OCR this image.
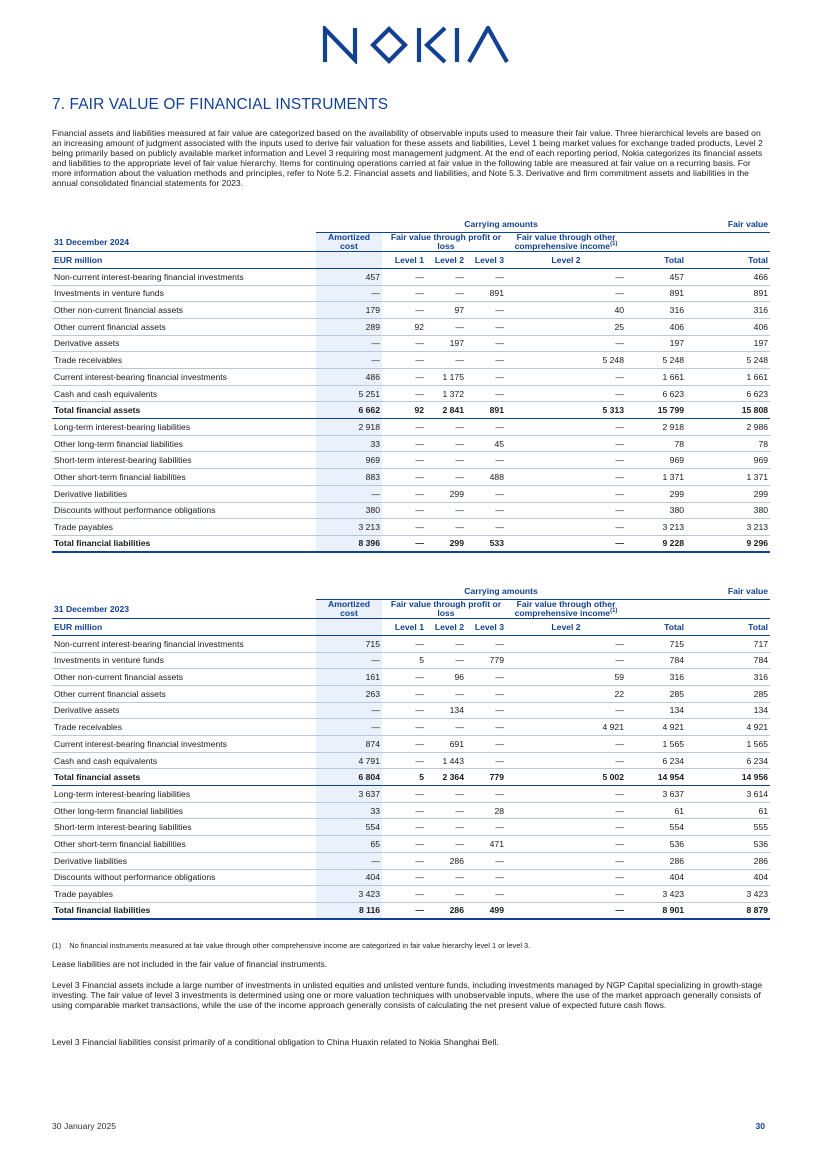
7. FAIR VALUE OF FINANCIAL INSTRUMENTS
Financial assets and liabilities measured at fair value are categorized based on the availability of observable inputs used to measure their fair value. Three hierarchical levels are based on an increasing amount of judgment associated with the inputs used to derive fair valuation for these assets and liabilities, Level 1 being market values for exchange traded products, Level 2 being primarily based on publicly available market information and Level 3 requiring most management judgment. At the end of each reporting period, Nokia categorizes its financial assets and liabilities to the appropriate level of fair value hierarchy. Items for continuing operations carried at fair value in the following table are measured at fair value on a recurring basis. For more information about the valuation methods and principles, refer to Note 5.2. Financial assets and liabilities, and Note 5.3. Derivative and firm commitment assets and liabilities in the annual consolidated financial statements for 2023.
	Carrying amounts						Fair value
31 December 2024	Amortized cost	Fair value through profit or loss			Fair value through other comprehensive income$^{(1)}$

EUR million		Level 1	Level 2	Level 3	Level 2	Total	Total
Non-current interest-bearing financial investments	457	—	—	—	—	457	466
Investments in venture funds	—	—	—	891	—	891	891
Other non-current financial assets	179	—	97	—	40	316	316
Other current financial assets	289	92	—	—	25	406	406
Derivative assets	—	—	197	—	—	197	197
Trade receivables	—	—	—	—	5 248	5 248	5 248
Current interest-bearing financial investments	486	—	1 175	—	—	1 661	1 661
Cash and cash equivalents	5 251	—	1 372	—	—	6 623	6 623
Total financial assets	6 662	92	2 841	891	5 313	15 799	15 808
Long-term interest-bearing liabilities	2 918	—	—	—	—	2 918	2 986
Other long-term financial liabilities	33	—	—	45	—	78	78
Short-term interest-bearing liabilities	969	—	—	—	—	969	969
Other short-term financial liabilities	883	—	—	488	—	1 371	1 371
Derivative liabilities	—	—	299	—	—	299	299
Discounts without performance obligations	380	—	—	—	—	380	380
Trade payables	3 213	—	—	—	—	3 213	3 213
Total financial liabilities	8 396	—	299	533	—	9 228	9 296
	Carrying amounts						Fair value
31 December 2023	Amortized cost	Fair value through profit or loss			Fair value through other comprehensive income$^{(1)}$

EUR million		Level 1	Level 2	Level 3	Level 2	Total	Total
Non-current interest-bearing financial investments	715	—	—	—	—	715	717
Investments in venture funds	—	5	—	779	—	784	784
Other non-current financial assets	161	—	96	—	59	316	316
Other current financial assets	263	—	—	—	22	285	285
Derivative assets	—	—	134	—	—	134	134
Trade receivables	—	—	—	—	4 921	4 921	4 921
Current interest-bearing financial investments	874	—	691	—	—	1 565	1 565
Cash and cash equivalents	4 791	—	1 443	—	—	6 234	6 234
Total financial assets	6 804	5	2 364	779	5 002	14 954	14 956
Long-term interest-bearing liabilities	3 637	—	—	—	—	3 637	3 614
Other long-term financial liabilities	33	—	—	28	—	61	61
Short-term interest-bearing liabilities	554	—	—	—	—	554	555
Other short-term financial liabilities	65	—	—	471	—	536	536
Derivative liabilities	—	—	286	—	—	286	286
Discounts without performance obligations	404	—	—	—	—	404	404
Trade payables	3 423	—	—	—	—	3 423	3 423
Total financial liabilities	8 116	—	286	499	—	8 901	8 879
(1) No financial instruments measured at fair value through other comprehensive income are categorized in fair value hierarchy level 1 or level 3.
Lease liabilities are not included in the fair value of financial instruments.
Level 3 Financial assets include a large number of investments in unlisted equities and unlisted venture funds, including investments managed by NGP Capital specializing in growth-stage investing. The fair value of level 3 investments is determined using one or more valuation techniques with unobservable inputs, where the use of the market approach generally consists of using comparable market transactions, while the use of the income approach generally consists of calculating the net present value of expected future cash flows.
Level 3 Financial liabilities consist primarily of a conditional obligation to China Huaxin related to Nokia Shanghai Bell.
30 January 2025	30
